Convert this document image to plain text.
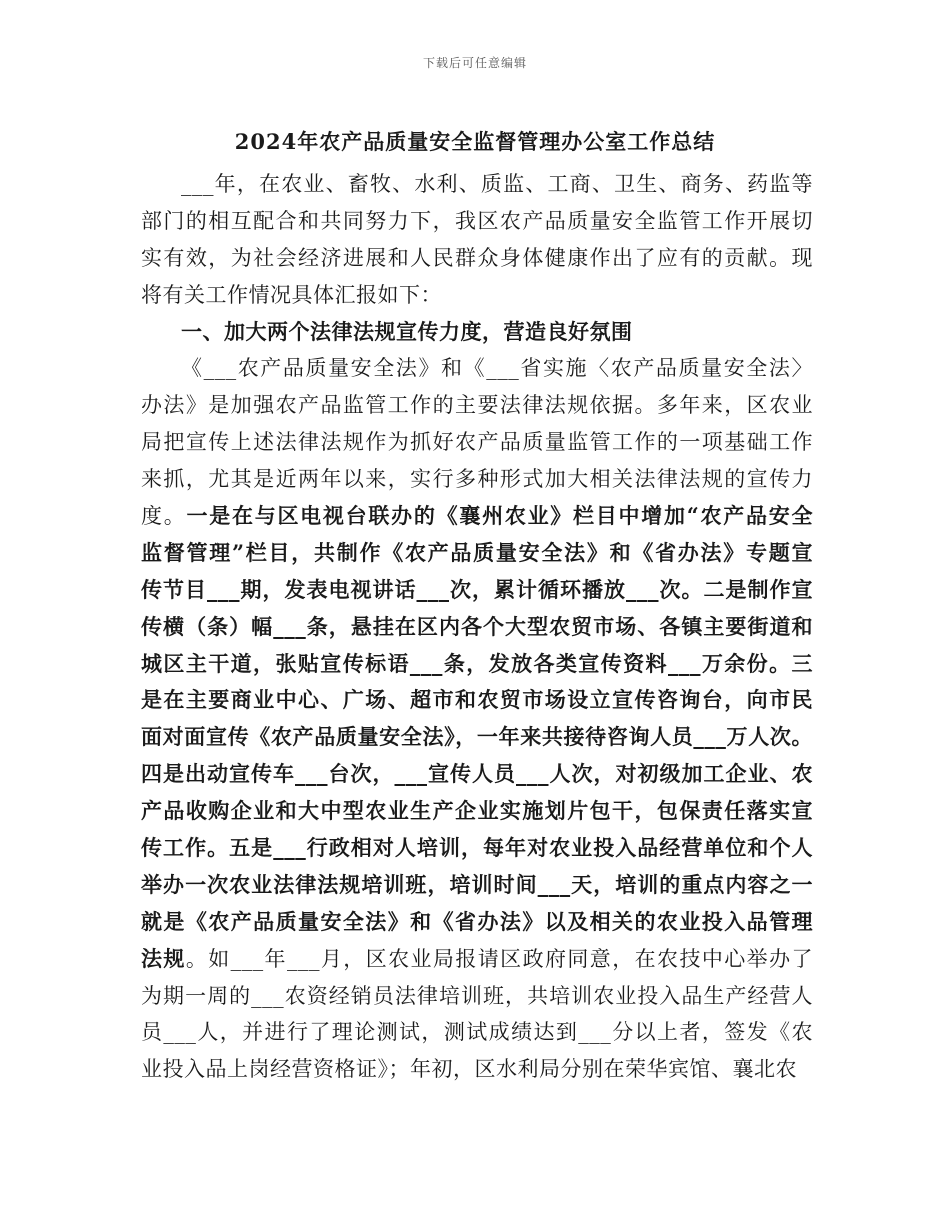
下载后可任意编辑
2024年农产品质量安全监督管理办公室工作总结
___年，在农业、畜牧、水利、质监、工商、卫生、商务、药监等
部门的相互配合和共同努力下，我区农产品质量安全监管工作开展切
实有效，为社会经济进展和人民群众身体健康作出了应有的贡献。现
将有关工作情况具体汇报如下：
一、加大两个法律法规宣传力度，营造良好氛围
《___农产品质量安全法》和《___省实施〈农产品质量安全法〉
办法》是加强农产品监管工作的主要法律法规依据。多年来，区农业
局把宣传上述法律法规作为抓好农产品质量监管工作的一项基础工作
来抓，尤其是近两年以来，实行多种形式加大相关法律法规的宣传力
度。一是在与区电视台联办的《襄州农业》栏目中增加“农产品安全
监督管理”栏目，共制作《农产品质量安全法》和《省办法》专题宣
传节目___期，发表电视讲话___次，累计循环播放___次。二是制作宣
传横（条）幅___条，悬挂在区内各个大型农贸市场、各镇主要街道和
城区主干道，张贴宣传标语___条，发放各类宣传资料___万余份。三
是在主要商业中心、广场、超市和农贸市场设立宣传咨询台，向市民
面对面宣传《农产品质量安全法》，一年来共接待咨询人员___万人次。
四是出动宣传车___台次，___宣传人员___人次，对初级加工企业、农
产品收购企业和大中型农业生产企业实施划片包干，包保责任落实宣
传工作。五是___行政相对人培训，每年对农业投入品经营单位和个人
举办一次农业法律法规培训班，培训时间___天，培训的重点内容之一
就是《农产品质量安全法》和《省办法》以及相关的农业投入品管理
法规。如___年___月，区农业局报请区政府同意，在农技中心举办了
为期一周的___农资经销员法律培训班，共培训农业投入品生产经营人
员___人，并进行了理论测试，测试成绩达到___分以上者，签发《农
业投入品上岗经营资格证》；年初，区水利局分别在荣华宾馆、襄北农
